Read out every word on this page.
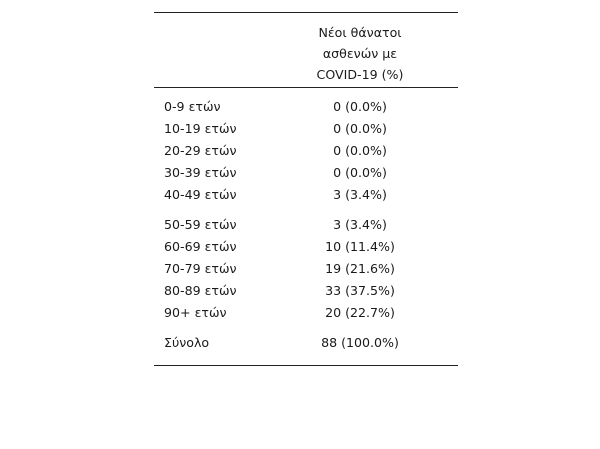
Νέοι θάνατοι
ασθενών με
COVID-19 (%)
0-9 ετών	0 (0.0%)
10-19 ετών	0 (0.0%)
20-29 ετών	0 (0.0%)
30-39 ετών	0 (0.0%)
40-49 ετών	3 (3.4%)
50-59 ετών	3 (3.4%)
60-69 ετών	10 (11.4%)
70-79 ετών	19 (21.6%)
80-89 ετών	33 (37.5%)
90+ ετών	20 (22.7%)
Σύνολο	88 (100.0%)
